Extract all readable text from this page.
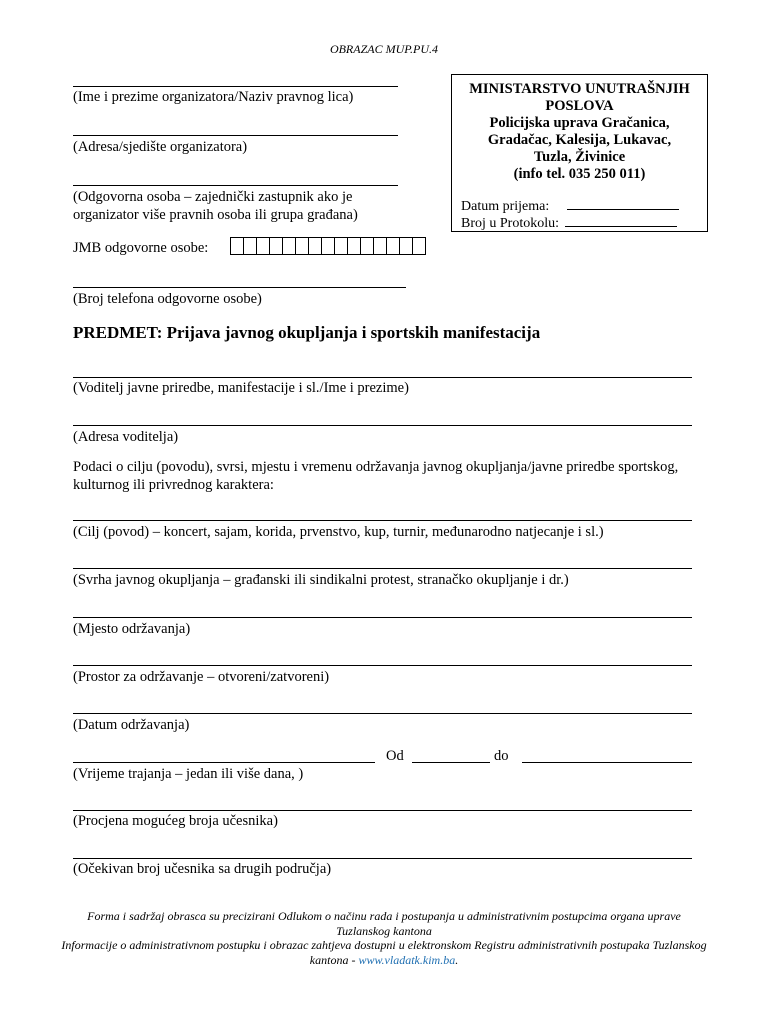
OBRAZAC MUP.PU.4
(Ime i prezime organizatora/Naziv pravnog lica)
(Adresa/sjedište organizatora)
(Odgovorna osoba – zajednički zastupnik ako je organizator više pravnih osoba ili grupa građana)
JMB odgovorne osobe:
(Broj telefona odgovorne osobe)
MINISTARSTVO UNUTRAŠNJIH
POSLOVA
Policijska uprava Gračanica,
Gradačac, Kalesija, Lukavac,
Tuzla, Živinice
(info tel. 035 250 011)
Datum prijema:
Broj u Protokolu:
PREDMET: Prijava javnog okupljanja i sportskih manifestacija
(Voditelj javne priredbe, manifestacije i sl./Ime i prezime)
(Adresa voditelja)
Podaci o cilju (povodu), svrsi, mjestu i vremenu održavanja javnog okupljanja/javne priredbe sportskog, kulturnog ili privrednog karaktera:
(Cilj (povod) – koncert, sajam, korida, prvenstvo, kup, turnir, međunarodno natjecanje i sl.)
(Svrha javnog okupljanja – građanski ili sindikalni protest, stranačko okupljanje i dr.)
(Mjesto održavanja)
(Prostor za održavanje – otvoreni/zatvoreni)
(Datum održavanja)
Od	do
(Vrijeme trajanja – jedan ili više dana, )
(Procjena mogućeg broja učesnika)
(Očekivan broj učesnika sa drugih područja)
Forma i sadržaj obrasca su precizirani Odlukom o načinu rada i postupanja u administrativnim postupcima organa uprave Tuzlanskog kantona
Informacije o administrativnom postupku i obrazac zahtjeva dostupni u elektronskom Registru administrativnih postupaka Tuzlanskog kantona - www.vladatk.kim.ba.
